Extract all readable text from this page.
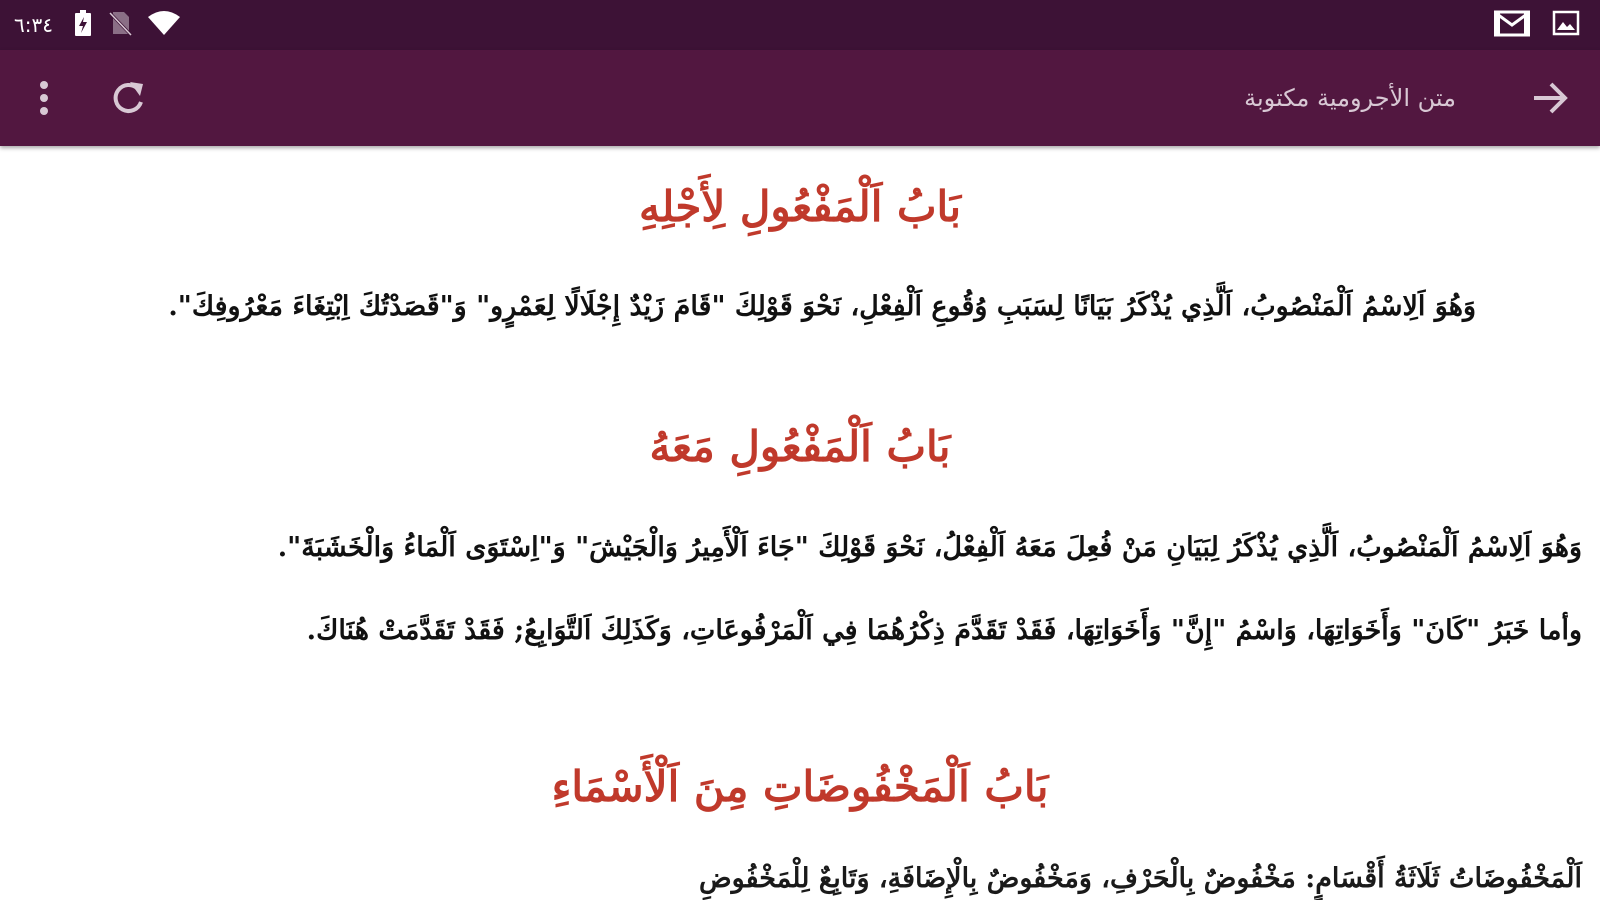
٦:٣٤
متن الأجرومية مكتوبة
بَابُ اَلْمَفْعُولِ لِأَجْلِهِ
وَهُوَ اَلِاسْمُ اَلْمَنْصُوبُ، اَلَّذِي يُذْكَرُ بَيَانًا لِسَبَبِ وُقُوعِ اَلْفِعْلِ، نَحْوَ قَوْلِكَ "قَامَ زَيْدٌ إِجْلَالًا لِعَمْرٍو" وَ"قَصَدْتُكَ اِبْتِغَاءَ مَعْرُوفِكَ".
بَابُ اَلْمَفْعُولِ مَعَهُ
وَهُوَ اَلِاسْمُ اَلْمَنْصُوبُ، اَلَّذِي يُذْكَرُ لِبَيَانِ مَنْ فُعِلَ مَعَهُ اَلْفِعْلُ، نَحْوَ قَوْلِكَ "جَاءَ اَلْأَمِيرُ وَالْجَيْشَ" وَ"اِسْتَوَى اَلْمَاءُ وَالْخَشَبَةَ".
وأما خَبَرُ "كَانَ" وَأَخَوَاتِهَا، وَاسْمُ "إِنَّ" وَأَخَوَاتِهَا، فَقَدْ تَقَدَّمَ ذِكْرُهُمَا فِي اَلْمَرْفُوعَاتِ، وَكَذَلِكَ اَلتَّوَابِعُ; فَقَدْ تَقَدَّمَتْ هُنَاكَ.
بَابُ اَلْمَخْفُوضَاتِ مِنَ اَلْأَسْمَاءِ
اَلْمَخْفُوضَاتُ ثَلَاثَةُ أَقْسَامٍ: مَخْفُوضٌ بِالْحَرْفِ، وَمَخْفُوضٌ بِالْإِضَافَةِ، وَتَابِعٌ لِلْمَخْفُوضِ
